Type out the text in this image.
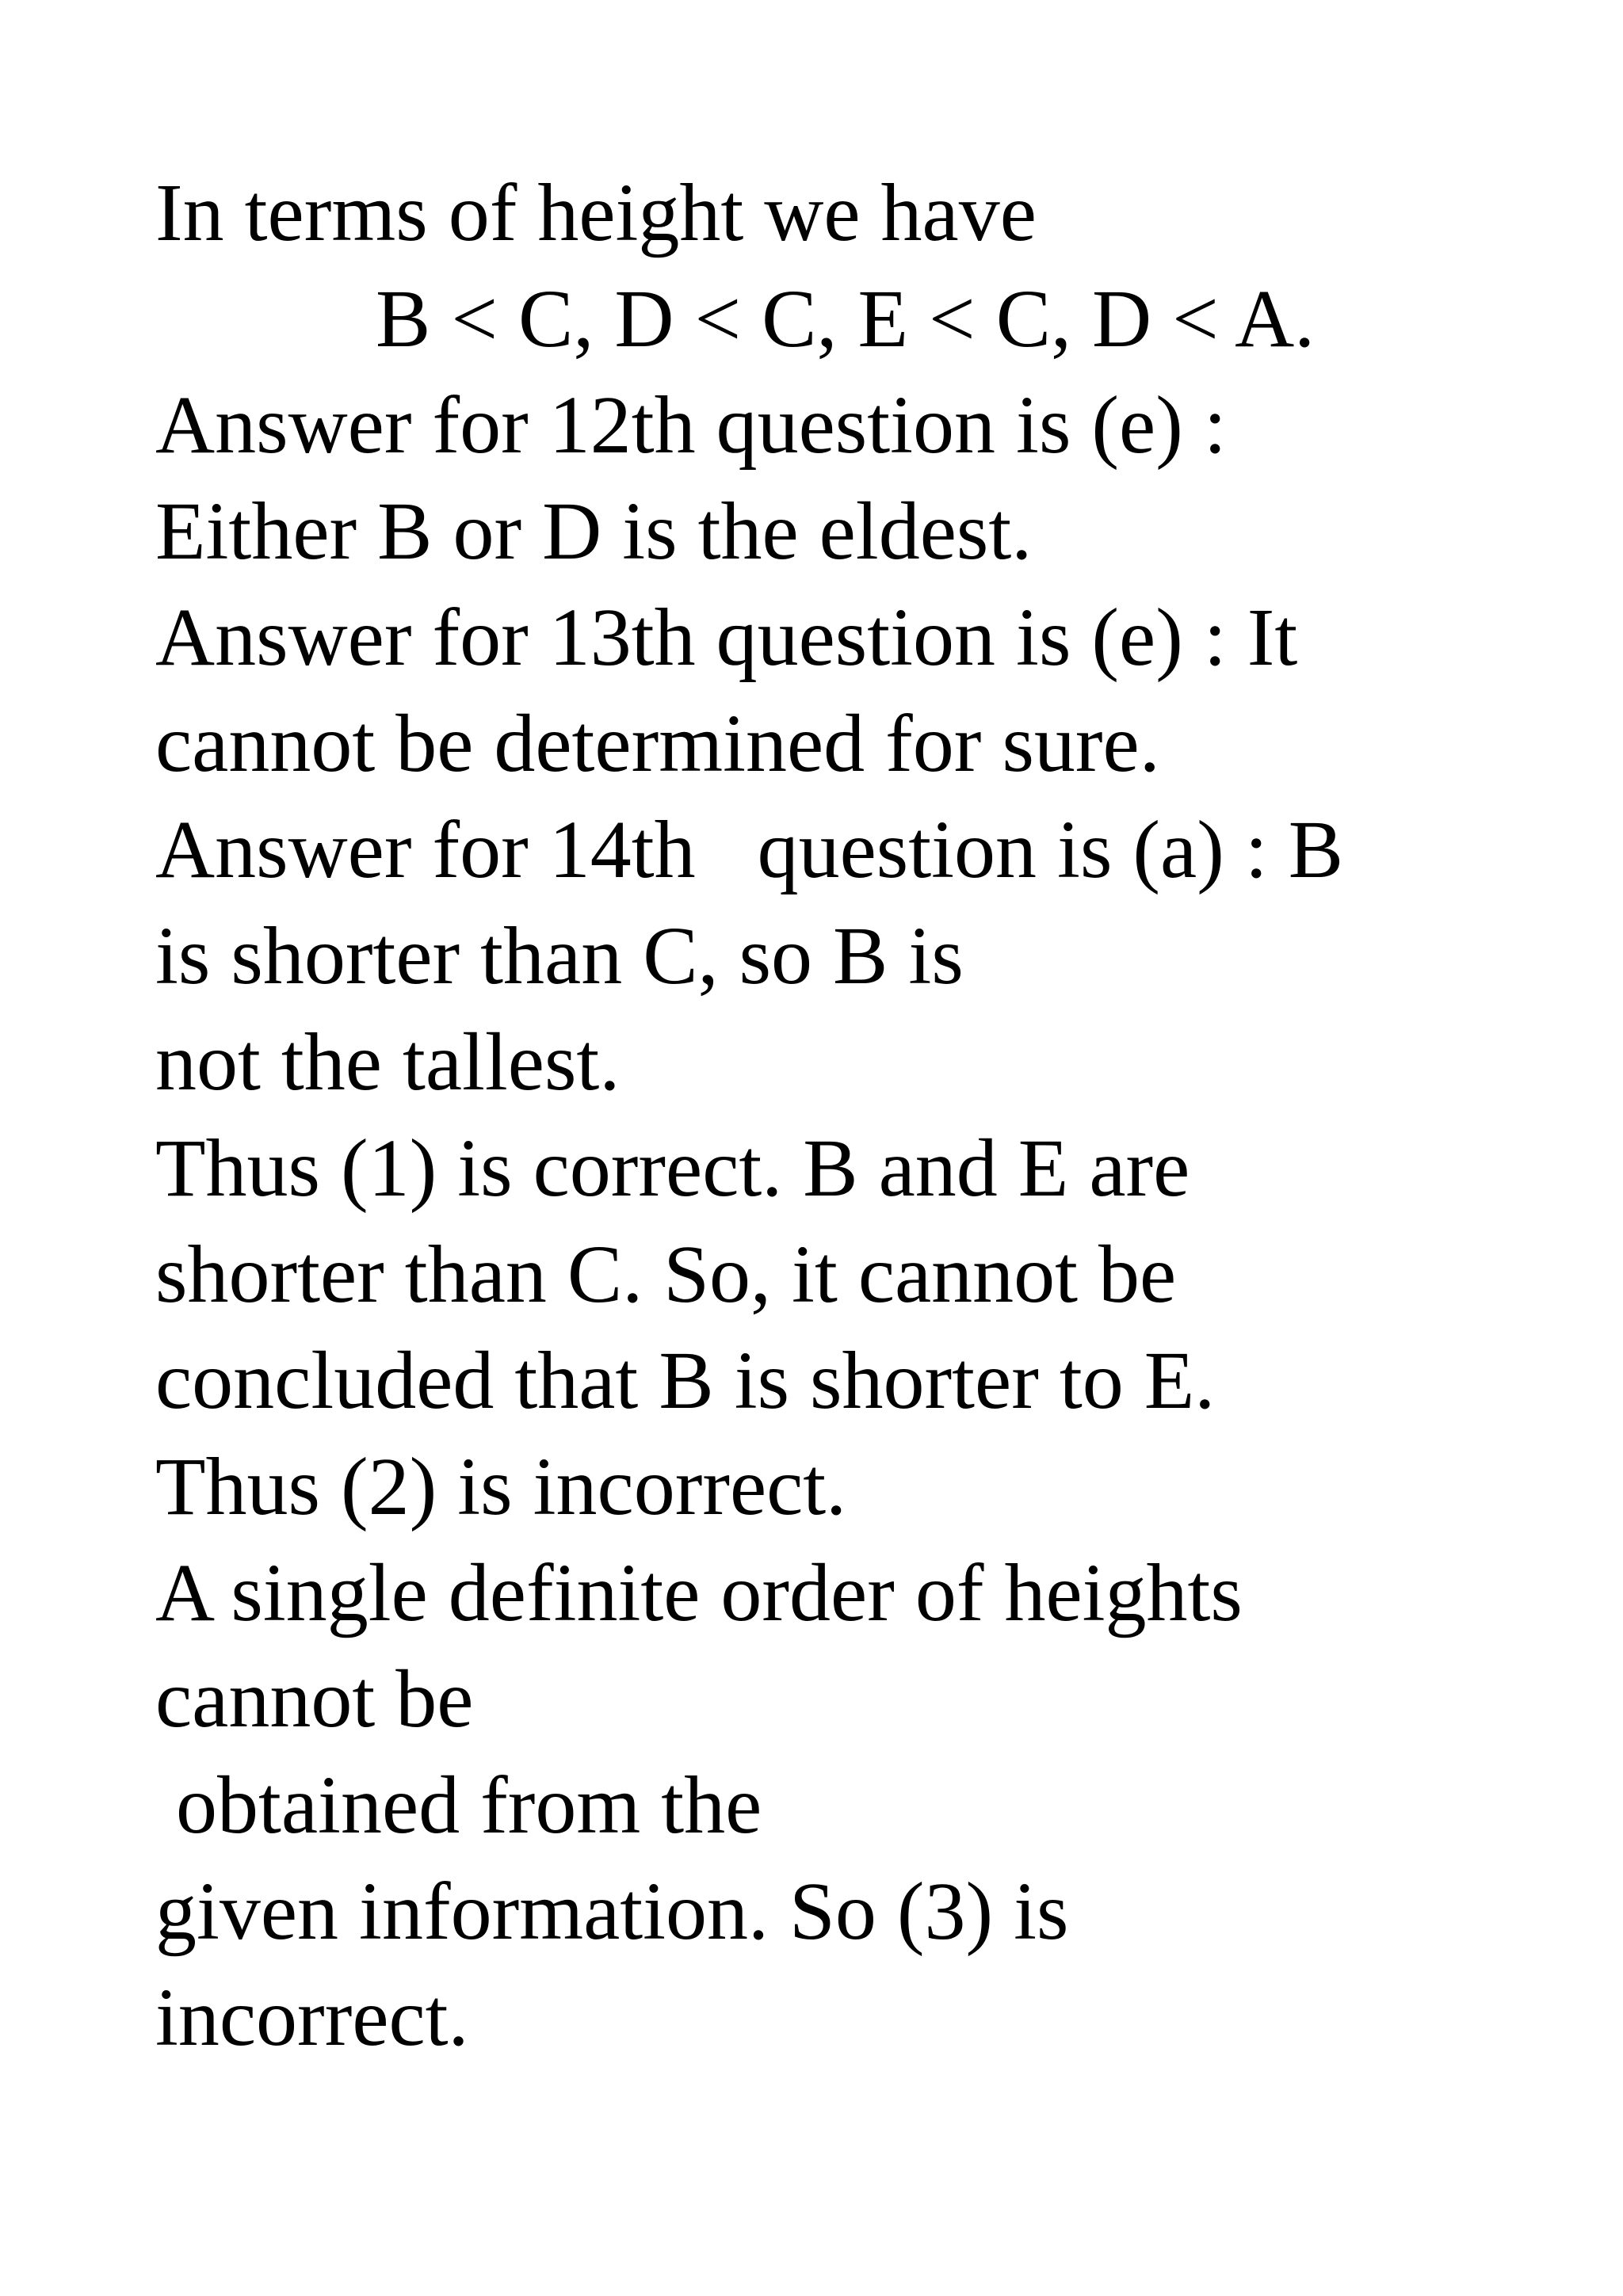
In terms of height we have
B < C, D < C, E < C, D < A.
Answer for 12th question is (e) :
Either B or D is the eldest.
Answer for 13th question is (e) : It
cannot be determined for sure.
Answer for 14th   question is (a) : B
is shorter than C, so B is
not the tallest.
Thus (1) is correct. B and E are
shorter than C. So, it cannot be
concluded that B is shorter to E.
Thus (2) is incorrect.
A single definite order of heights
cannot be
obtained from the
given information. So (3) is
incorrect.
